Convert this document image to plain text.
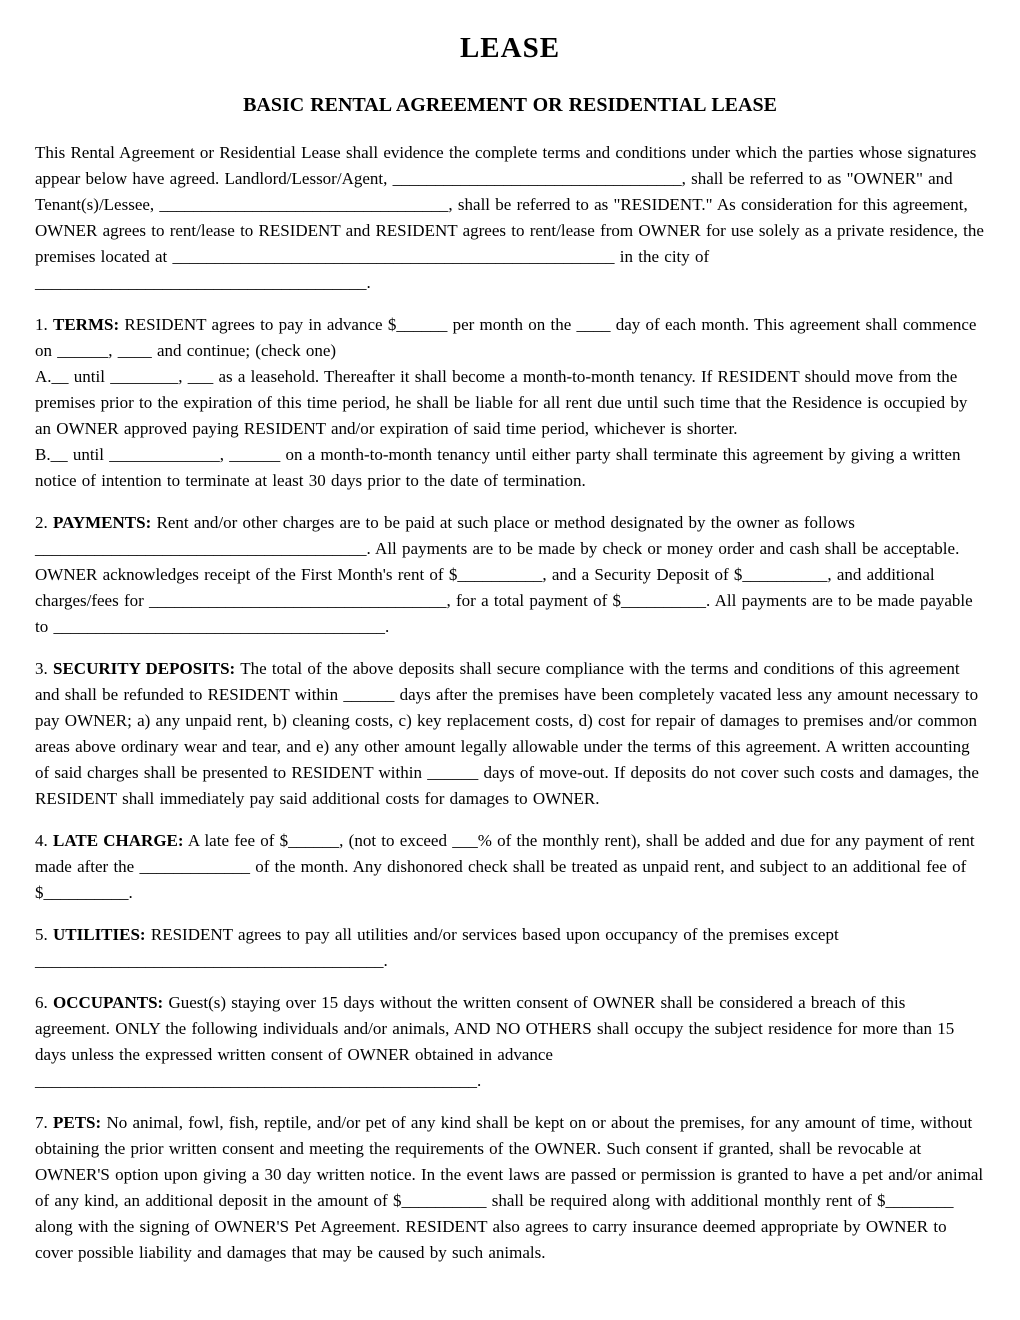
LEASE
BASIC RENTAL AGREEMENT OR RESIDENTIAL LEASE

This Rental Agreement or Residential Lease shall evidence the complete terms and conditions under which the parties whose signatures appear below have agreed. Landlord/Lessor/Agent, __________________________________, shall be referred to as "OWNER" and Tenant(s)/Lessee, __________________________________, shall be referred to as "RESIDENT." As consideration for this agreement, OWNER agrees to rent/lease to RESIDENT and RESIDENT agrees to rent/lease from OWNER for use solely as a private residence, the premises located at ____________________________________________________ in the city of _______________________________________.

1. TERMS: RESIDENT agrees to pay in advance $______ per month on the ____ day of each month. This agreement shall commence on ______, ____ and continue; (check one)

A.__ until ________, ___ as a leasehold. Thereafter it shall become a month-to-month tenancy. If RESIDENT should move from the premises prior to the expiration of this time period, he shall be liable for all rent due until such time that the Residence is occupied by an OWNER approved paying RESIDENT and/or expiration of said time period, whichever is shorter.

B.__ until _____________, ______ on a month-to-month tenancy until either party shall terminate this agreement by giving a written notice of intention to terminate at least 30 days prior to the date of termination.

2. PAYMENTS: Rent and/or other charges are to be paid at such place or method designated by the owner as follows _______________________________________. All payments are to be made by check or money order and cash shall be acceptable. OWNER acknowledges receipt of the First Month's rent of $__________, and a Security Deposit of $__________, and additional charges/fees for ___________________________________, for a total payment of $__________. All payments are to be made payable to _______________________________________.

3. SECURITY DEPOSITS: The total of the above deposits shall secure compliance with the terms and conditions of this agreement and shall be refunded to RESIDENT within ______ days after the premises have been completely vacated less any amount necessary to pay OWNER; a) any unpaid rent, b) cleaning costs, c) key replacement costs, d) cost for repair of damages to premises and/or common areas above ordinary wear and tear, and e) any other amount legally allowable under the terms of this agreement. A written accounting of said charges shall be presented to RESIDENT within ______ days of move-out. If deposits do not cover such costs and damages, the RESIDENT shall immediately pay said additional costs for damages to OWNER.

4. LATE CHARGE: A late fee of $______, (not to exceed ___% of the monthly rent), shall be added and due for any payment of rent made after the _____________ of the month. Any dishonored check shall be treated as unpaid rent, and subject to an additional fee of $__________.

5. UTILITIES: RESIDENT agrees to pay all utilities and/or services based upon occupancy of the premises except _________________________________________.

6. OCCUPANTS: Guest(s) staying over 15 days without the written consent of OWNER shall be considered a breach of this agreement. ONLY the following individuals and/or animals, AND NO OTHERS shall occupy the subject residence for more than 15 days unless the expressed written consent of OWNER obtained in advance ____________________________________________________.

7. PETS: No animal, fowl, fish, reptile, and/or pet of any kind shall be kept on or about the premises, for any amount of time, without obtaining the prior written consent and meeting the requirements of the OWNER. Such consent if granted, shall be revocable at OWNER'S option upon giving a 30 day written notice. In the event laws are passed or permission is granted to have a pet and/or animal of any kind, an additional deposit in the amount of $__________ shall be required along with additional monthly rent of $________ along with the signing of OWNER'S Pet Agreement. RESIDENT also agrees to carry insurance deemed appropriate by OWNER to cover possible liability and damages that may be caused by such animals.
